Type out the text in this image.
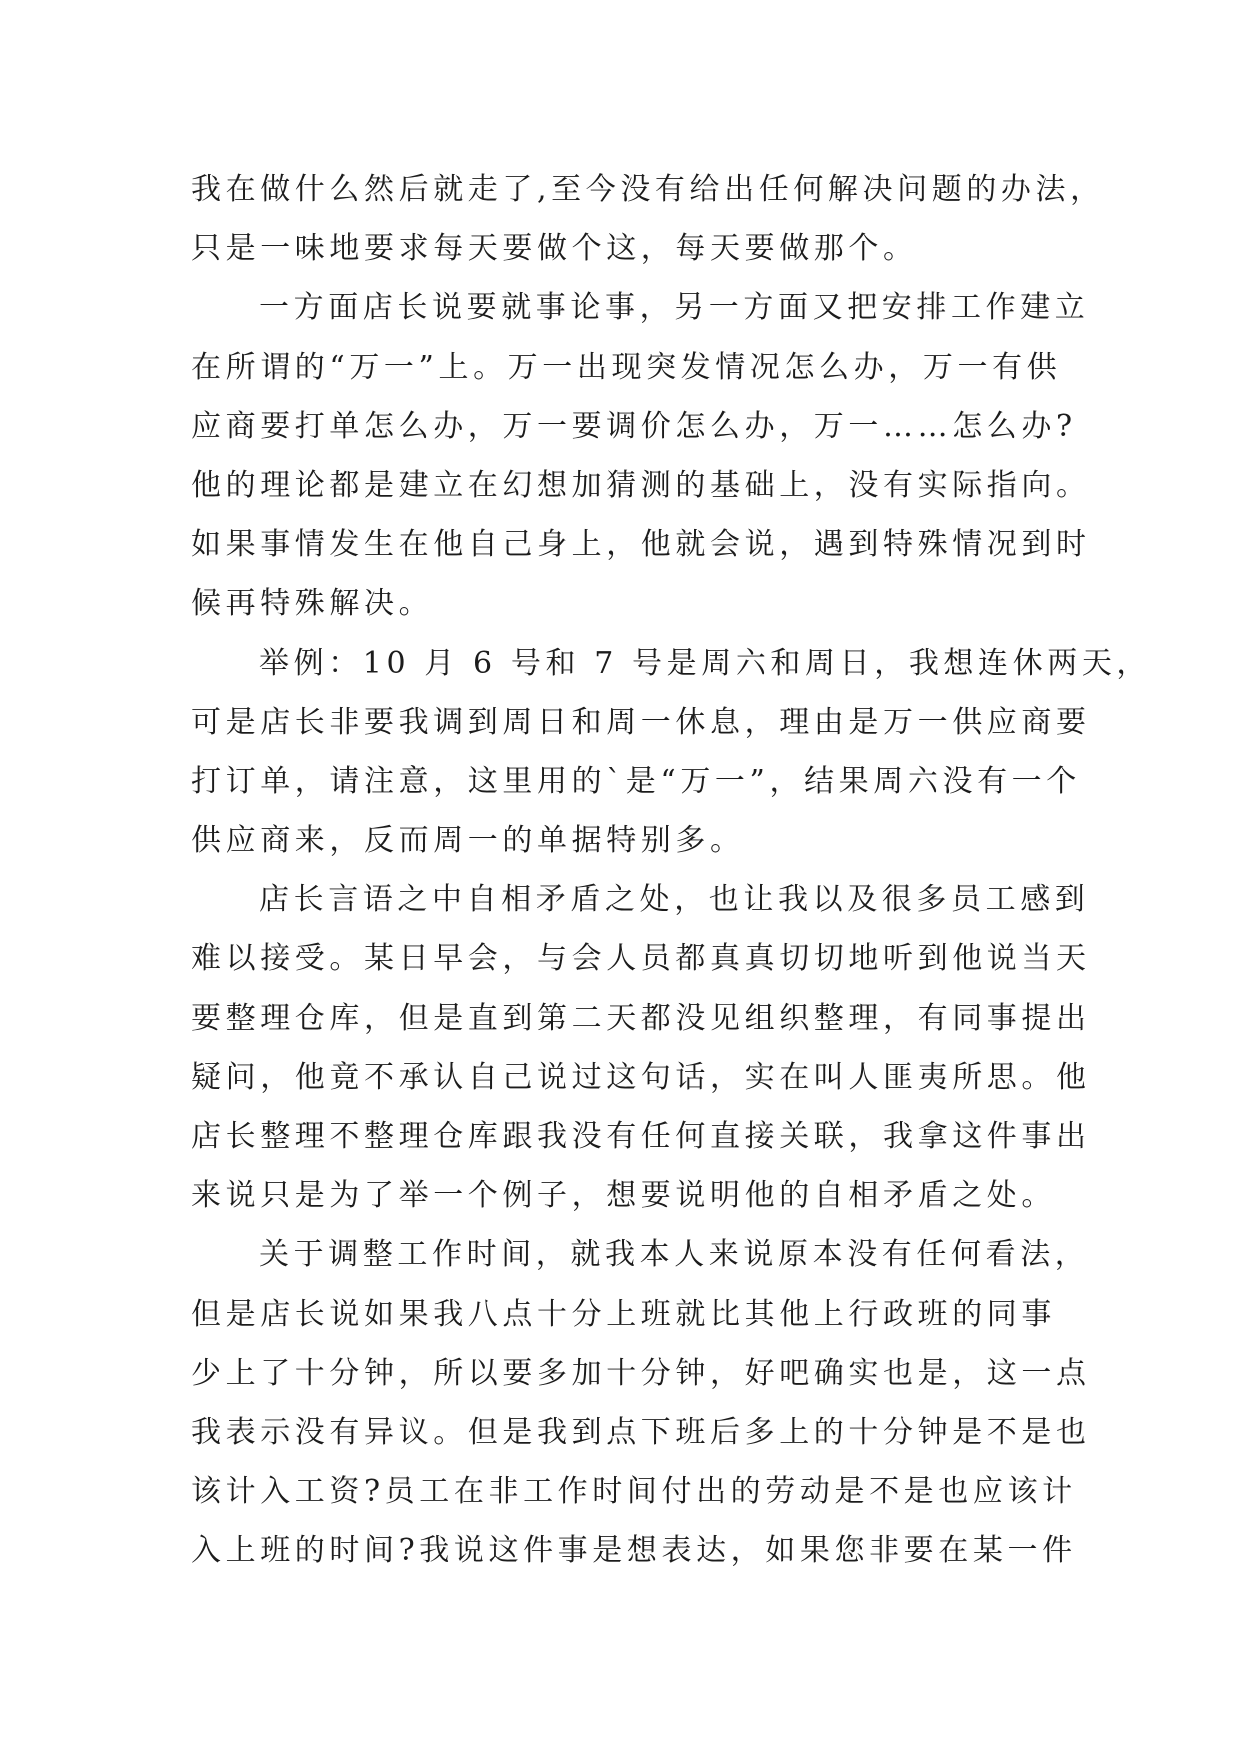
我在做什么然后就走了,至今没有给出任何解决问题的办法，
只是一味地要求每天要做个这，每天要做那个。
一方面店长说要就事论事，另一方面又把安排工作建立
在所谓的“万一”上。万一出现突发情况怎么办，万一有供
应商要打单怎么办，万一要调价怎么办，万一……怎么办?
他的理论都是建立在幻想加猜测的基础上，没有实际指向。
如果事情发生在他自己身上，他就会说，遇到特殊情况到时
候再特殊解决。
举例：10 月 6 号和 7 号是周六和周日，我想连休两天，
可是店长非要我调到周日和周一休息，理由是万一供应商要
打订单，请注意，这里用的`是“万一”，结果周六没有一个
供应商来，反而周一的单据特别多。
店长言语之中自相矛盾之处，也让我以及很多员工感到
难以接受。某日早会，与会人员都真真切切地听到他说当天
要整理仓库，但是直到第二天都没见组织整理，有同事提出
疑问，他竟不承认自己说过这句话，实在叫人匪夷所思。他
店长整理不整理仓库跟我没有任何直接关联，我拿这件事出
来说只是为了举一个例子，想要说明他的自相矛盾之处。
关于调整工作时间，就我本人来说原本没有任何看法，
但是店长说如果我八点十分上班就比其他上行政班的同事
少上了十分钟，所以要多加十分钟，好吧确实也是，这一点
我表示没有异议。但是我到点下班后多上的十分钟是不是也
该计入工资?员工在非工作时间付出的劳动是不是也应该计
入上班的时间?我说这件事是想表达，如果您非要在某一件
